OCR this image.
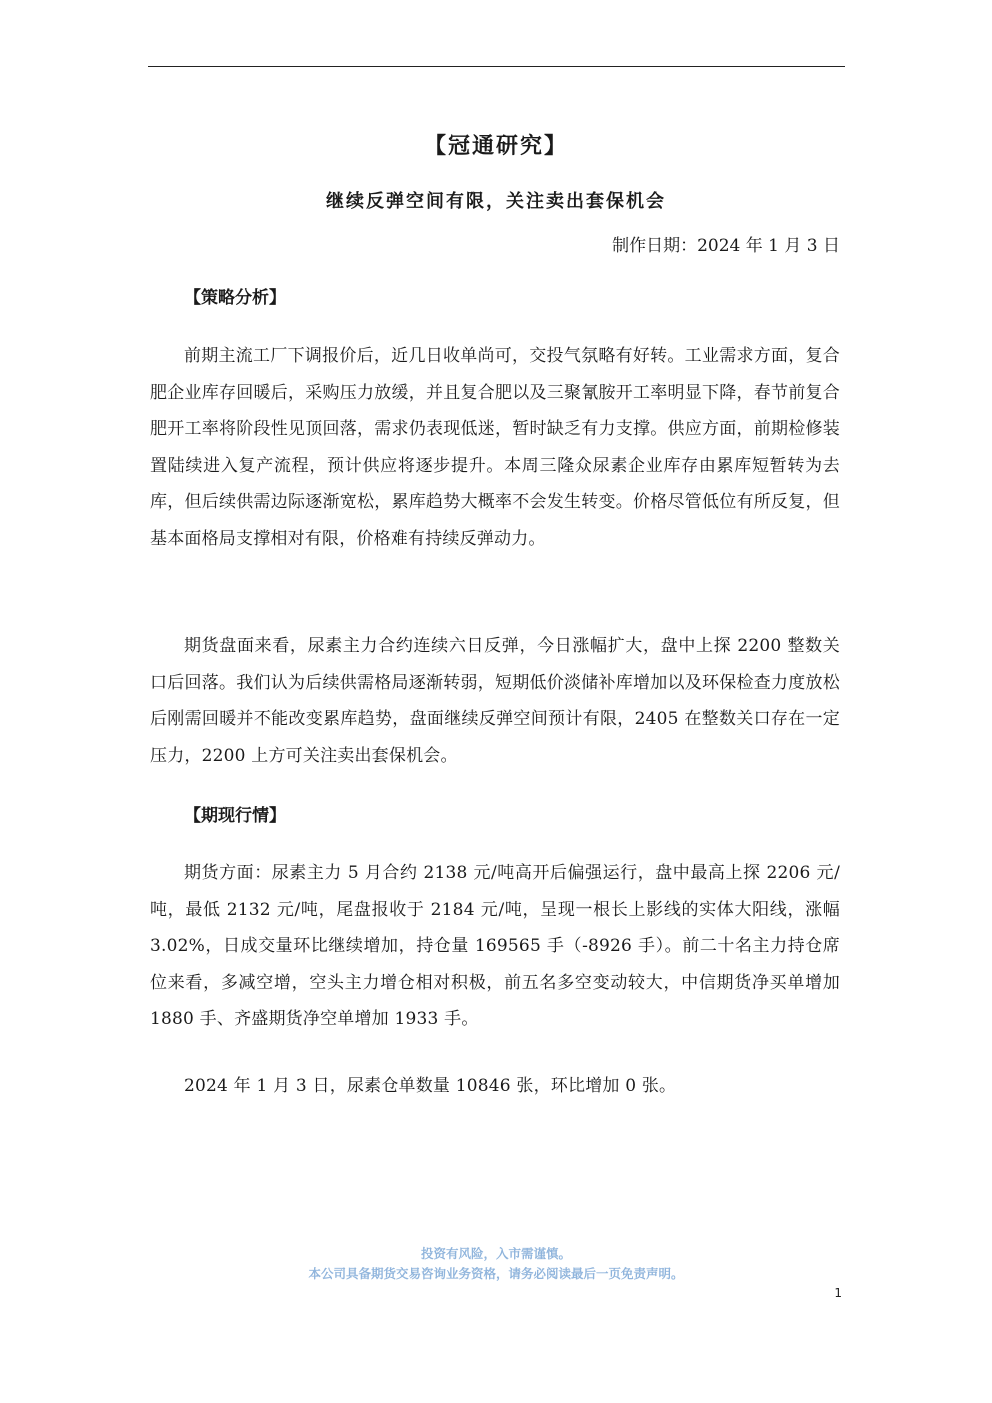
【冠通研究】
继续反弹空间有限，关注卖出套保机会
制作日期：2024 年 1 月 3 日
【策略分析】

前期主流工厂下调报价后，近几日收单尚可，交投气氛略有好转。工业需求方面，复合肥企业库存回暖后，采购压力放缓，并且复合肥以及三聚氰胺开工率明显下降，春节前复合肥开工率将阶段性见顶回落，需求仍表现低迷，暂时缺乏有力支撑。供应方面，前期检修装置陆续进入复产流程，预计供应将逐步提升。本周三隆众尿素企业库存由累库短暂转为去库，但后续供需边际逐渐宽松，累库趋势大概率不会发生转变。价格尽管低位有所反复，但基本面格局支撑相对有限，价格难有持续反弹动力。

期货盘面来看，尿素主力合约连续六日反弹，今日涨幅扩大，盘中上探 2200 整数关口后回落。我们认为后续供需格局逐渐转弱，短期低价淡储补库增加以及环保检查力度放松后刚需回暖并不能改变累库趋势，盘面继续反弹空间预计有限，2405 在整数关口存在一定压力，2200 上方可关注卖出套保机会。

【期现行情】

期货方面：尿素主力 5 月合约 2138 元/吨高开后偏强运行，盘中最高上探 2206 元/吨，最低 2132 元/吨，尾盘报收于 2184 元/吨，呈现一根长上影线的实体大阳线，涨幅 3.02%，日成交量环比继续增加，持仓量 169565 手（-8926 手）。前二十名主力持仓席位来看，多减空增，空头主力增仓相对积极，前五名多空变动较大，中信期货净买单增加 1880 手、齐盛期货净空单增加 1933 手。

2024 年 1 月 3 日，尿素仓单数量 10846 张，环比增加 0 张。

投资有风险，入市需谨慎。
本公司具备期货交易咨询业务资格，请务必阅读最后一页免责声明。
1
